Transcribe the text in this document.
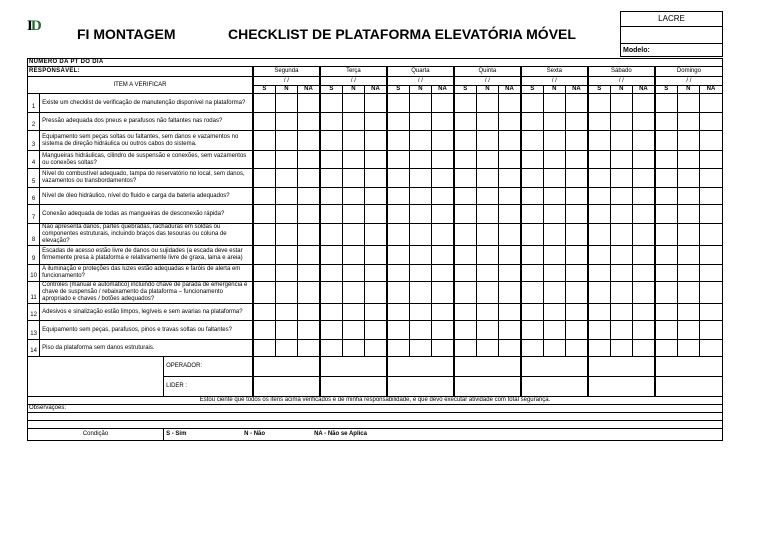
ID	FI MONTAGEM	CHECKLIST DE PLATAFORMA ELEVATÓRIA MÓVEL
LACRE
Modelo:
NUMERO DA PT DO DIA																							
RESPONSÁVEL:			Segunda			Terça			Quarta			Quinta			Sexta			Sábado			Domingo		
ITEM A VERIFICAR			/ /			/ /			/ /			/ /			/ /			/ /			/ /		
			S	N	NA	S	N	NA	S	N	NA	S	N	NA	S	N	NA	S	N	NA	S	N	NA
1	Existe um checklist de verificação de manutenção disponível na plataforma?																						
2	Pressão adequada dos pneus e parafusos não faltantes nas rodas?																						
3	Equipamento sem peças soltas ou faltantes, sem danos e vazamentos no sistema de direção hidráulica ou outros cabos do sistema.																						
4	Mangueiras hidráulicas, cilindro de suspensão e conexões, sem vazamentos ou conexões soltas?																						
5	Nível do combustível adequado, tampa do reservatório no local, sem danos, vazamentos ou transbordamentos?																						
6	Nível de óleo hidráulico, nível do fluido e carga da bateria adequados?																						
7	Conexão adequada de todas as mangueiras de desconexão rápida?																						
8	Não apresenta danos, partes quebradas, rachaduras em soldas ou componentes estruturais, incluindo braços das tesouras ou coluna de elevação?																						
9	Escadas de acesso estão livre de danos ou sujidades (a escada deve estar firmemente presa à plataforma e relativamente livre de graxa, lama e areia)																						
10	A iluminação e proteções das luzes estão adequadas e faróis de alerta em funcionamento?																						
11	Controles (manual e automático) incluindo chave de parada de emergência e chave de suspensão / rebaixamento da plataforma – funcionamento apropriado e chaves / botões adequados?																						
12	Adesivos e sinalização estão limpos, legíveis e sem avarias na plataforma?																						
13	Equipamento sem peças, parafusos, pinos e travas soltas ou faltantes?																						
14	Piso da plataforma sem danos estruturais.																						
		OPERADOR:																					
		LIDER :																					
Estou ciente que todos os itens acima verificados e de minha responsabilidade, e que devo executar atividade com total segurança.																							
Observações:																							

Condição		S - Sim N - Não NA - Não se Aplica																					
